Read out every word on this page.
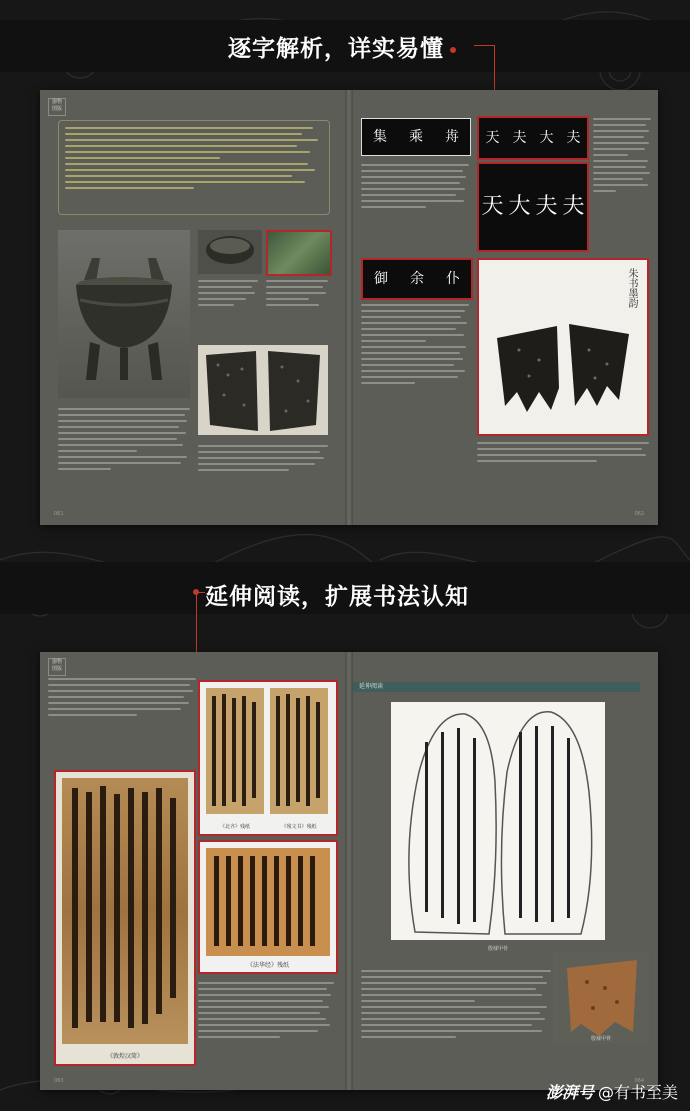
逐字解析，详实易懂
延伸阅读，扩展书法认知
器物
图版
061
集 乘 歬 天 夫 大 夫
天 大 夫 夫
御 余 仆	朱书墨韵
062
器物
图版
《敦煌汉简》
《北齐》残纸	《残文书》残纸
《法华经》残纸
063
延伸阅读
殷墟甲骨
殷墟甲骨
064
澎湃号 @有书至美
